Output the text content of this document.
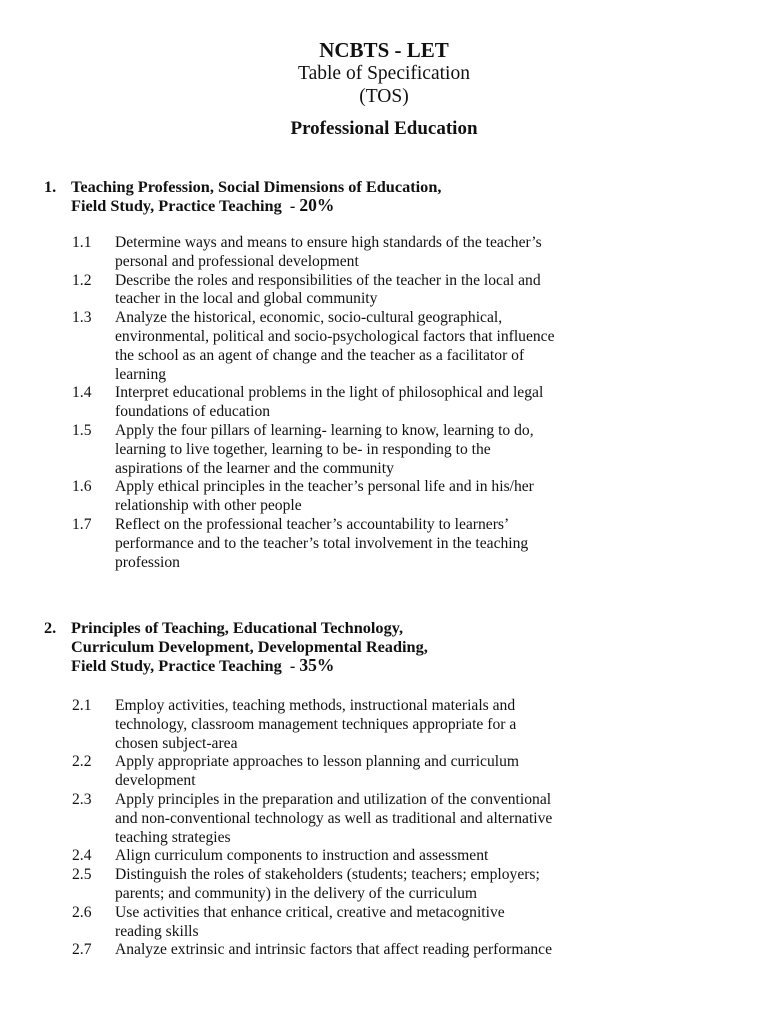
NCBTS - LET
Table of Specification
(TOS)
Professional Education
1. Teaching Profession, Social Dimensions of Education,
Field Study, Practice Teaching  - 20%
1.1 Determine ways and means to ensure high standards of the teacher’s
personal and professional development
1.2 Describe the roles and responsibilities of the teacher in the local and
teacher in the local and global community
1.3 Analyze the historical, economic, socio-cultural geographical,
environmental, political and socio-psychological factors that influence
the school as an agent of change and the teacher as a facilitator of
learning
1.4 Interpret educational problems in the light of philosophical and legal
foundations of education
1.5 Apply the four pillars of learning- learning to know, learning to do,
learning to live together, learning to be- in responding to the
aspirations of the learner and the community
1.6 Apply ethical principles in the teacher’s personal life and in his/her
relationship with other people
1.7 Reflect on the professional teacher’s accountability to learners’
performance and to the teacher’s total involvement in the teaching
profession
2. Principles of Teaching, Educational Technology,
Curriculum Development, Developmental Reading,
Field Study, Practice Teaching  - 35%
2.1 Employ activities, teaching methods, instructional materials and
technology, classroom management techniques appropriate for a
chosen subject-area
2.2 Apply appropriate approaches to lesson planning and curriculum
development
2.3 Apply principles in the preparation and utilization of the conventional
and non-conventional technology as well as traditional and alternative
teaching strategies
2.4 Align curriculum components to instruction and assessment
2.5 Distinguish the roles of stakeholders (students; teachers; employers;
parents; and community) in the delivery of the curriculum
2.6 Use activities that enhance critical, creative and metacognitive
reading skills
2.7 Analyze extrinsic and intrinsic factors that affect reading performance
